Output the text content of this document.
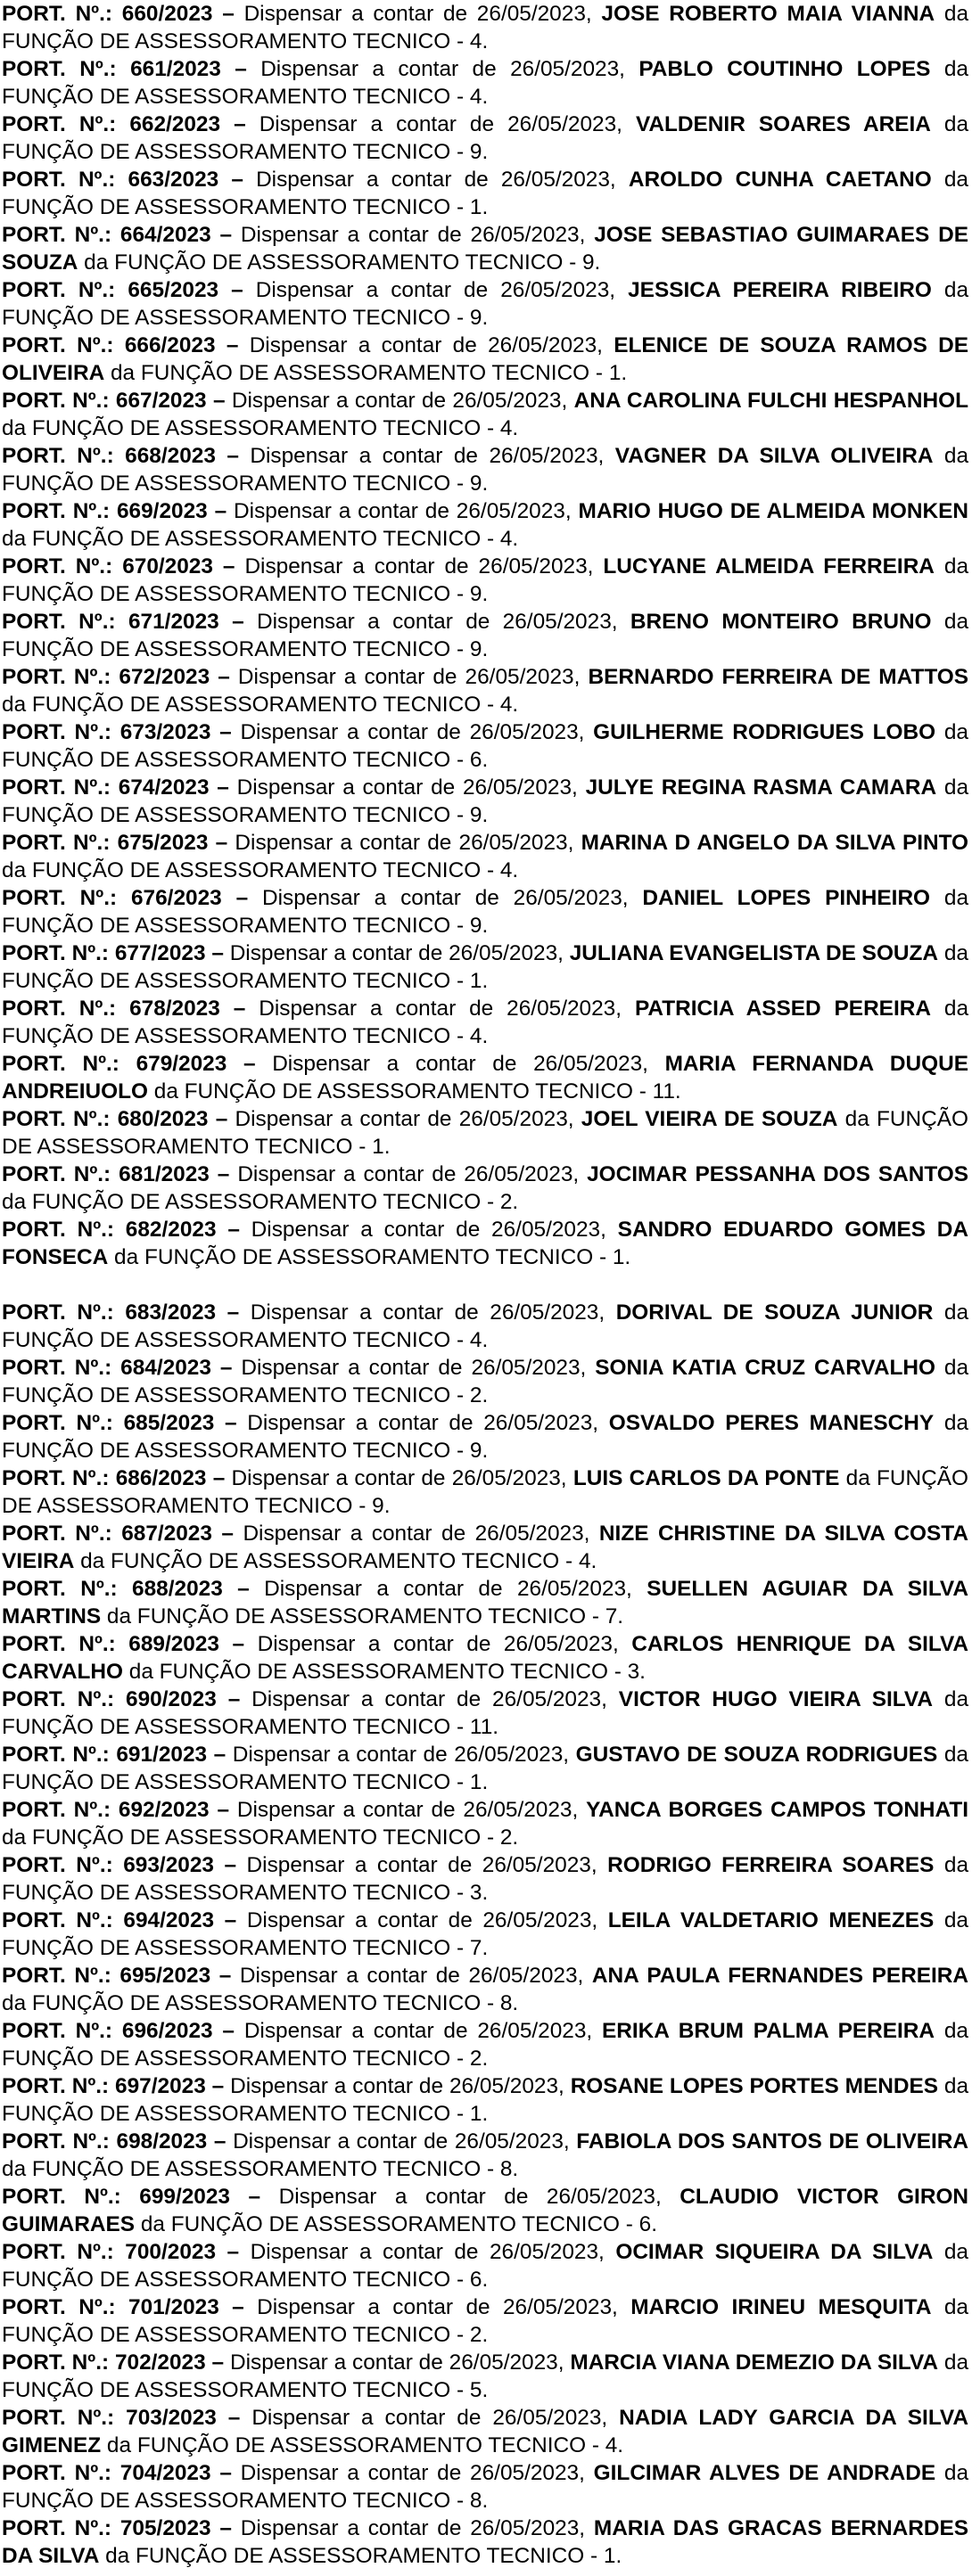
PORT. Nº.: 660/2023 – Dispensar a contar de 26/05/2023, JOSE ROBERTO MAIA VIANNA da FUNÇÃO DE ASSESSORAMENTO TECNICO - 4.

PORT. Nº.: 661/2023 – Dispensar a contar de 26/05/2023, PABLO COUTINHO LOPES da FUNÇÃO DE ASSESSORAMENTO TECNICO - 4.

PORT. Nº.: 662/2023 – Dispensar a contar de 26/05/2023, VALDENIR SOARES AREIA da FUNÇÃO DE ASSESSORAMENTO TECNICO - 9.

PORT. Nº.: 663/2023 – Dispensar a contar de 26/05/2023, AROLDO CUNHA CAETANO da FUNÇÃO DE ASSESSORAMENTO TECNICO - 1.

PORT. Nº.: 664/2023 – Dispensar a contar de 26/05/2023, JOSE SEBASTIAO GUIMARAES DE SOUZA da FUNÇÃO DE ASSESSORAMENTO TECNICO - 9.

PORT. Nº.: 665/2023 – Dispensar a contar de 26/05/2023, JESSICA PEREIRA RIBEIRO da FUNÇÃO DE ASSESSORAMENTO TECNICO - 9.

PORT. Nº.: 666/2023 – Dispensar a contar de 26/05/2023, ELENICE DE SOUZA RAMOS DE OLIVEIRA da FUNÇÃO DE ASSESSORAMENTO TECNICO - 1.

PORT. Nº.: 667/2023 – Dispensar a contar de 26/05/2023, ANA CAROLINA FULCHI HESPANHOL da FUNÇÃO DE ASSESSORAMENTO TECNICO - 4.

PORT. Nº.: 668/2023 – Dispensar a contar de 26/05/2023, VAGNER DA SILVA OLIVEIRA da FUNÇÃO DE ASSESSORAMENTO TECNICO - 9.

PORT. Nº.: 669/2023 – Dispensar a contar de 26/05/2023, MARIO HUGO DE ALMEIDA MONKEN da FUNÇÃO DE ASSESSORAMENTO TECNICO - 4.

PORT. Nº.: 670/2023 – Dispensar a contar de 26/05/2023, LUCYANE ALMEIDA FERREIRA da FUNÇÃO DE ASSESSORAMENTO TECNICO - 9.

PORT. Nº.: 671/2023 – Dispensar a contar de 26/05/2023, BRENO MONTEIRO BRUNO da FUNÇÃO DE ASSESSORAMENTO TECNICO - 9.

PORT. Nº.: 672/2023 – Dispensar a contar de 26/05/2023, BERNARDO FERREIRA DE MATTOS da FUNÇÃO DE ASSESSORAMENTO TECNICO - 4.

PORT. Nº.: 673/2023 – Dispensar a contar de 26/05/2023, GUILHERME RODRIGUES LOBO da FUNÇÃO DE ASSESSORAMENTO TECNICO - 6.

PORT. Nº.: 674/2023 – Dispensar a contar de 26/05/2023, JULYE REGINA RASMA CAMARA da FUNÇÃO DE ASSESSORAMENTO TECNICO - 9.

PORT. Nº.: 675/2023 – Dispensar a contar de 26/05/2023, MARINA D ANGELO DA SILVA PINTO da FUNÇÃO DE ASSESSORAMENTO TECNICO - 4.

PORT. Nº.: 676/2023 – Dispensar a contar de 26/05/2023, DANIEL LOPES PINHEIRO da FUNÇÃO DE ASSESSORAMENTO TECNICO - 9.

PORT. Nº.: 677/2023 – Dispensar a contar de 26/05/2023, JULIANA EVANGELISTA DE SOUZA da FUNÇÃO DE ASSESSORAMENTO TECNICO - 1.

PORT. Nº.: 678/2023 – Dispensar a contar de 26/05/2023, PATRICIA ASSED PEREIRA da FUNÇÃO DE ASSESSORAMENTO TECNICO - 4.

PORT. Nº.: 679/2023 – Dispensar a contar de 26/05/2023, MARIA FERNANDA DUQUE ANDREIUOLO da FUNÇÃO DE ASSESSORAMENTO TECNICO - 11.

PORT. Nº.: 680/2023 – Dispensar a contar de 26/05/2023, JOEL VIEIRA DE SOUZA da FUNÇÃO DE ASSESSORAMENTO TECNICO - 1.

PORT. Nº.: 681/2023 – Dispensar a contar de 26/05/2023, JOCIMAR PESSANHA DOS SANTOS da FUNÇÃO DE ASSESSORAMENTO TECNICO - 2.

PORT. Nº.: 682/2023 – Dispensar a contar de 26/05/2023, SANDRO EDUARDO GOMES DA FONSECA da FUNÇÃO DE ASSESSORAMENTO TECNICO - 1.

PORT. Nº.: 683/2023 – Dispensar a contar de 26/05/2023, DORIVAL DE SOUZA JUNIOR da FUNÇÃO DE ASSESSORAMENTO TECNICO - 4.

PORT. Nº.: 684/2023 – Dispensar a contar de 26/05/2023, SONIA KATIA CRUZ CARVALHO da FUNÇÃO DE ASSESSORAMENTO TECNICO - 2.

PORT. Nº.: 685/2023 – Dispensar a contar de 26/05/2023, OSVALDO PERES MANESCHY da FUNÇÃO DE ASSESSORAMENTO TECNICO - 9.

PORT. Nº.: 686/2023 – Dispensar a contar de 26/05/2023, LUIS CARLOS DA PONTE da FUNÇÃO DE ASSESSORAMENTO TECNICO - 9.

PORT. Nº.: 687/2023 – Dispensar a contar de 26/05/2023, NIZE CHRISTINE DA SILVA COSTA VIEIRA da FUNÇÃO DE ASSESSORAMENTO TECNICO - 4.

PORT. Nº.: 688/2023 – Dispensar a contar de 26/05/2023, SUELLEN AGUIAR DA SILVA MARTINS da FUNÇÃO DE ASSESSORAMENTO TECNICO - 7.

PORT. Nº.: 689/2023 – Dispensar a contar de 26/05/2023, CARLOS HENRIQUE DA SILVA CARVALHO da FUNÇÃO DE ASSESSORAMENTO TECNICO - 3.

PORT. Nº.: 690/2023 – Dispensar a contar de 26/05/2023, VICTOR HUGO VIEIRA SILVA da FUNÇÃO DE ASSESSORAMENTO TECNICO - 11.

PORT. Nº.: 691/2023 – Dispensar a contar de 26/05/2023, GUSTAVO DE SOUZA RODRIGUES da FUNÇÃO DE ASSESSORAMENTO TECNICO - 1.

PORT. Nº.: 692/2023 – Dispensar a contar de 26/05/2023, YANCA BORGES CAMPOS TONHATI da FUNÇÃO DE ASSESSORAMENTO TECNICO - 2.

PORT. Nº.: 693/2023 – Dispensar a contar de 26/05/2023, RODRIGO FERREIRA SOARES da FUNÇÃO DE ASSESSORAMENTO TECNICO - 3.

PORT. Nº.: 694/2023 – Dispensar a contar de 26/05/2023, LEILA VALDETARIO MENEZES da FUNÇÃO DE ASSESSORAMENTO TECNICO - 7.

PORT. Nº.: 695/2023 – Dispensar a contar de 26/05/2023, ANA PAULA FERNANDES PEREIRA da FUNÇÃO DE ASSESSORAMENTO TECNICO - 8.

PORT. Nº.: 696/2023 – Dispensar a contar de 26/05/2023, ERIKA BRUM PALMA PEREIRA da FUNÇÃO DE ASSESSORAMENTO TECNICO - 2.

PORT. Nº.: 697/2023 – Dispensar a contar de 26/05/2023, ROSANE LOPES PORTES MENDES da FUNÇÃO DE ASSESSORAMENTO TECNICO - 1.

PORT. Nº.: 698/2023 – Dispensar a contar de 26/05/2023, FABIOLA DOS SANTOS DE OLIVEIRA da FUNÇÃO DE ASSESSORAMENTO TECNICO - 8.

PORT. Nº.: 699/2023 – Dispensar a contar de 26/05/2023, CLAUDIO VICTOR GIRON GUIMARAES da FUNÇÃO DE ASSESSORAMENTO TECNICO - 6.

PORT. Nº.: 700/2023 – Dispensar a contar de 26/05/2023, OCIMAR SIQUEIRA DA SILVA da FUNÇÃO DE ASSESSORAMENTO TECNICO - 6.

PORT. Nº.: 701/2023 – Dispensar a contar de 26/05/2023, MARCIO IRINEU MESQUITA da FUNÇÃO DE ASSESSORAMENTO TECNICO - 2.

PORT. Nº.: 702/2023 – Dispensar a contar de 26/05/2023, MARCIA VIANA DEMEZIO DA SILVA da FUNÇÃO DE ASSESSORAMENTO TECNICO - 5.

PORT. Nº.: 703/2023 – Dispensar a contar de 26/05/2023, NADIA LADY GARCIA DA SILVA GIMENEZ da FUNÇÃO DE ASSESSORAMENTO TECNICO - 4.

PORT. Nº.: 704/2023 – Dispensar a contar de 26/05/2023, GILCIMAR ALVES DE ANDRADE da FUNÇÃO DE ASSESSORAMENTO TECNICO - 8.

PORT. Nº.: 705/2023 – Dispensar a contar de 26/05/2023, MARIA DAS GRACAS BERNARDES DA SILVA da FUNÇÃO DE ASSESSORAMENTO TECNICO - 1.
